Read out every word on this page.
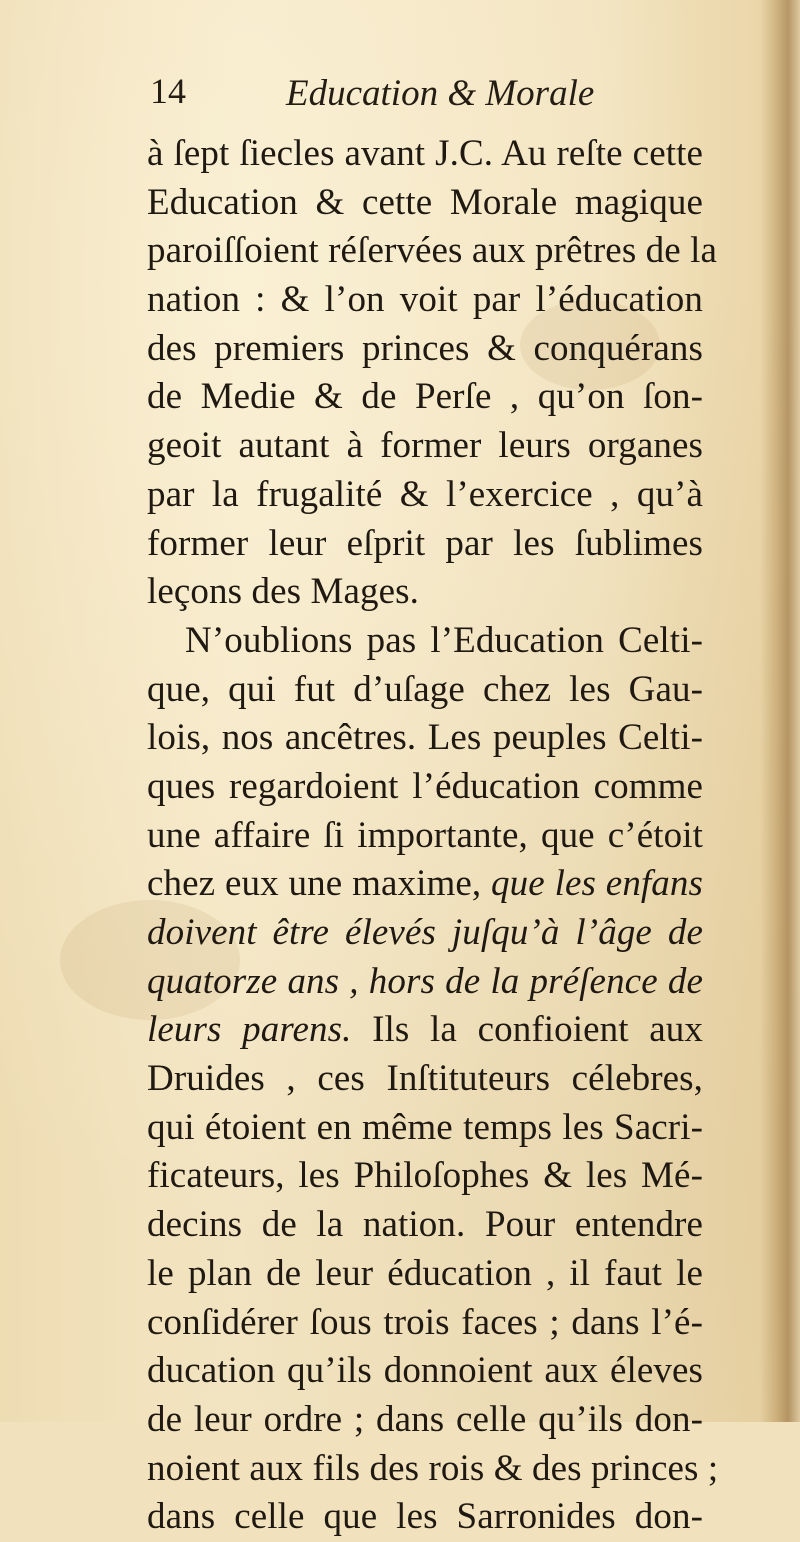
14	Education & Morale
à ſept ſiecles avant J.C. Au reſte cette
Education & cette Morale magique
paroiſſoient réſervées aux prêtres de la
nation : & l’on voit par l’éducation
des premiers princes & conquérans
de Medie & de Perſe , qu’on ſon-
geoit autant à former leurs organes
par la frugalité & l’exercice , qu’à
former leur eſprit par les ſublimes
leçons des Mages.
N’oublions pas l’Education Celti-
que, qui fut d’uſage chez les Gau-
lois, nos ancêtres. Les peuples Celti-
ques regardoient l’éducation comme
une affaire ſi importante, que c’étoit
chez eux une maxime, que les enfans
doivent être élevés juſqu’à l’âge de
quatorze ans , hors de la préſence de
leurs parens. Ils la confioient aux
Druides , ces Inſtituteurs célebres,
qui étoient en même temps les Sacri-
ficateurs, les Philoſophes & les Mé-
decins de la nation. Pour entendre
le plan de leur éducation , il faut le
conſidérer ſous trois faces ; dans l’é-
ducation qu’ils donnoient aux éleves
de leur ordre ; dans celle qu’ils don-
noient aux fils des rois & des princes ;
dans celle que les Sarronides don-
